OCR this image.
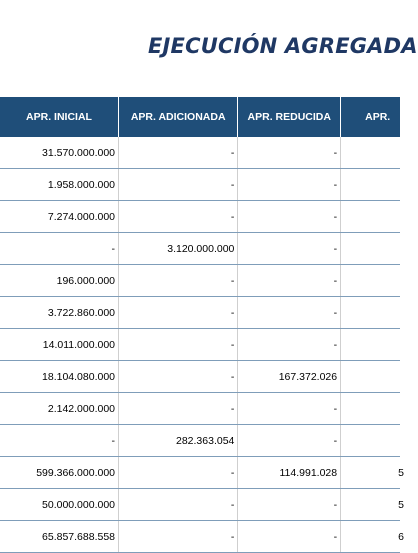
EJECUCIÓN AGREGADA
APR. INICIAL	APR. ADICIONADA	APR. REDUCIDA	APR.
31.570.000.000	-	-	
1.958.000.000	-	-	
7.274.000.000	-	-	
-	3.120.000.000	-	
196.000.000	-	-	
3.722.860.000	-	-	
14.011.000.000	-	-	
18.104.080.000	-	167.372.026	
2.142.000.000	-	-	
-	282.363.054	-	
599.366.000.000	-	114.991.028	5
50.000.000.000	-	-	5
65.857.688.558	-	-	6
